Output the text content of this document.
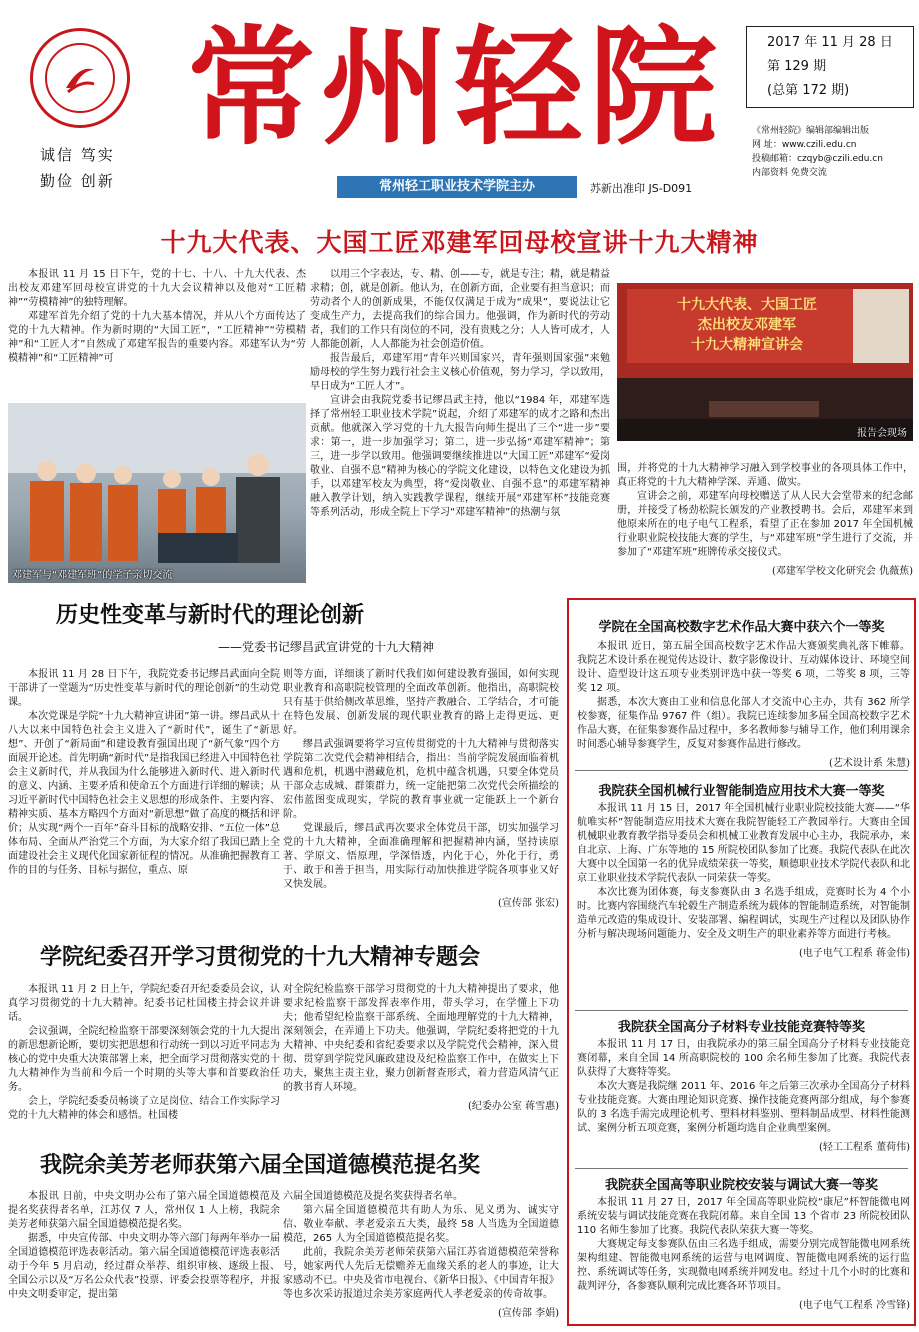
诚信 笃实
勤俭 创新
常州轻院
常州轻工职业技术学院主办	苏新出准印 JS-D091
2017 年 11 月 28 日
第 129 期
(总第 172 期)
《常州轻院》编辑部编辑出版
网 址：www.czili.edu.cn
投稿邮箱：czqyb@czili.edu.cn
内部资料 免费交流
十九大代表、大国工匠邓建军回母校宣讲十九大精神

本报讯 11 月 15 日下午，党的十七、十八、十九大代表、杰出校友邓建军回母校宣讲党的十九大会议精神以及他对“工匠精神”“劳模精神”的独特理解。

邓建军首先介绍了党的十九大基本情况，并从八个方面传达了党的十九大精神。作为新时期的“大国工匠”，“工匠精神”“劳模精神”和“工匠人才”自然成了邓建军报告的重要内容。邓建军认为“劳模精神”和“工匠精神”可

邓建军与“邓建军班”的学子亲切交流

以用三个字表达，专、精、创——专，就是专注；精，就是精益求精；创，就是创新。他认为，在创新方面，企业要有担当意识；而劳动者个人的创新成果，不能仅仅满足于成为“成果”，要说法让它变成生产力，去提高我们的综合国力。他强调，作为新时代的劳动者，我们的工作只有岗位的不同，没有贵贱之分；人人皆可成才，人人都能创新，人人都能为社会创造价值。

报告最后，邓建军用“青年兴则国家兴，青年强则国家强”来勉励母校的学生努力践行社会主义核心价值观，努力学习，学以致用，早日成为“工匠人才”。

宣讲会由我院党委书记缪昌武主持，他以“1984 年，邓建军选择了常州轻工职业技术学院”说起，介绍了邓建军的成才之路和杰出贡献。他就深入学习党的十九大报告向师生提出了三个“进一步”要求：第一，进一步加强学习；第二，进一步弘扬“邓建军精神”；第三，进一步学以致用。他强调要继续推进以“大国工匠”邓建军“爱岗敬业、自强不息”精神为核心的学院文化建设，以特色文化建设为抓手，以邓建军校友为典型，将“爱岗敬业、自强不息”的邓建军精神融入教学计划，纳入实践教学课程，继续开展“邓建军杯”技能竞赛等系列活动，形成全院上下学习“邓建军精神”的热潮与氛

十九大代表、大国工匠
杰出校友邓建军
十九大精神宣讲会
报告会现场

围，并将党的十九大精神学习融入到学校事业的各项具体工作中，真正将党的十九大精神学深、弄通、做实。

宣讲会之前，邓建军向母校赠送了从人民大会堂带来的纪念邮册，并接受了杨劲松院长颁发的产业教授聘书。会后，邓建军来到他原来所在的电子电气工程系，看望了正在参加 2017 年全国机械行业职业院校技能大赛的学生，与“邓建军班”学生进行了交流，并参加了“邓建军班”班牌传承交接仪式。

(邓建军学校文化研究会 仇薇蕉)
历史性变革与新时代的理论创新
——党委书记缪昌武宣讲党的十九大精神

本报讯 11 月 28 日下午，我院党委书记缪昌武面向全院干部讲了一堂题为“历史性变革与新时代的理论创新”的生动党课。

本次党课是学院“十九大精神宣讲团”第一讲。缪昌武从十八大以来中国特色社会主义进入了“新时代”，诞生了“新思想”、开创了“新局面”和建设教育强国出现了“新气象”四个方面展开论述。首先明确“新时代”是指我国已经进入中国特色社会主义新时代，并从我国为什么能够进入新时代、进入新时代的意义、内涵、主要矛盾和使命五个方面进行详细的解读；从习近平新时代中国特色社会主义思想的形成条件、主要内容、精神实质、基本方略四个方面对“新思想”做了高度的概括和评价；从实现“两个一百年”奋斗目标的战略安排、“五位一体”总体布局、全面从严治党三个方面，为大家介绍了我国已踏上全面建设社会主义现代化国家新征程的情况。从准确把握教育工作的目的与任务、目标与据位，重点、原

则等方面，详细谈了新时代我们如何建设教育强国，如何实现职业教育和高职院校管理的全面改革创新。他指出，高职院校只有基于供给侧改革思维，坚持产教融合、工学结合，才可能在特色发展、创新发展的现代职业教育的路上走得更远、更好。

缪昌武强调要将学习宣传贯彻党的十九大精神与贯彻落实学院第二次党代会精神相结合，指出：当前学院发展面临着机遇和危机，机遇中潜藏危机，危机中蕴含机遇，只要全体党员干部众志成城、群策群力，统一定能把第二次党代会所描绘的宏伟蓝图变成现实，学院的教育事业就一定能跃上一个新台阶。

党课最后，缪昌武再次要求全体党员干部，切实加强学习党的十九大精神，全面准确理解和把握精神内涵，坚持读原著、学原文、悟原理，学深悟透，内化于心，外化于行，勇于、敢于和善于担当，用实际行动加快推进学院各项事业又好又快发展。

(宣传部 张宏)
学院纪委召开学习贯彻党的十九大精神专题会

本报讯 11 月 2 日上午，学院纪委召开纪委委员会议，认真学习贯彻党的十九大精神。纪委书记杜国楼主持会议并讲话。

会议强调，全院纪检监察干部要深刻领会党的十九大提出的新思想新论断，要切实把思想和行动统一到以习近平同志为核心的党中央重大决策部署上来，把全面学习贯彻落实党的十九大精神作为当前和今后一个时期的头等大事和首要政治任务。

会上，学院纪委委员畅谈了立足岗位、结合工作实际学习党的十九大精神的体会和感悟。杜国楼

对全院纪检监察干部学习贯彻党的十九大精神提出了要求，他要求纪检监察干部发挥表率作用，带头学习，在学懂上下功夫；他希望纪检监察干部系统、全面地理解党的十九大精神，深刻领会，在弄通上下功夫。他强调，学院纪委将把党的十九大精神、中央纪委和省纪委要求以及学院党代会精神，深入贯彻、贯穿到学院党风廉政建设及纪检监察工作中，在做实上下功夫，聚焦主责主业，聚力创新督查形式，着力营造风清气正的教书育人环境。

(纪委办公室 蒋雪惠)
我院余美芳老师获第六届全国道德模范提名奖

本报讯 日前，中央文明办公布了第六届全国道德模范及提名奖获得者名单，江苏仅 7 人，常州仅 1 人上榜，我院余美芳老师获第六届全国道德模范提名奖。

据悉，中央宣传部、中央文明办等六部门每两年举办一届全国道德模范评选表彰活动。第六届全国道德模范评选表彰活动于今年 5 月启动，经过群众举荐、组织审核、逐级上报、全国公示以及“万名公众代表”投票、评委会投票等程序，并报中央文明委审定，提出第

六届全国道德模范及提名奖获得者名单。

第六届全国道德模范共有助人为乐、见义勇为、诚实守信、敬业奉献、孝老爱亲五大类，最终 58 人当选为全国道德模范，265 人为全国道德模范提名奖。

此前，我院余美芳老师荣获第六届江苏省道德模范荣誉称号，她家两代人先后无偿赡养无血缘关系的老人的事迹，让大家感动不已。中央及省市电视台、《新华日报》、《中国青年报》等也多次采访报道过余美芳家庭两代人孝老爱亲的传奇故事。

(宣传部 李娟)
学院在全国高校数字艺术作品大赛中获六个一等奖

本报讯 近日，第五届全国高校数字艺术作品大赛颁奖典礼落下帷幕。我院艺术设计系在视觉传达设计、数字影像设计、互动媒体设计、环境空间设计、造型设计这五项专业类别评选中获一等奖 6 项，二等奖 8 项，三等奖 12 项。

据悉，本次大赛由工业和信息化部人才交流中心主办，共有 362 所学校参赛，征集作品 9767 件（组）。我院已连续参加多届全国高校数字艺术作品大赛，在征集参赛作品过程中，多名教师参与辅导工作，他们利用课余时间悉心辅导参赛学生，反复对参赛作品进行修改。

(艺术设计系 朱慧)
我院获全国机械行业智能制造应用技术大赛一等奖

本报讯 11 月 15 日，2017 年全国机械行业职业院校技能大赛——“华航唯实杯”智能制造应用技术大赛在我院智能轻工产教园举行。大赛由全国机械职业教育教学指导委员会和机械工业教育发展中心主办，我院承办，来自北京、上海、广东等地的 15 所院校团队参加了比赛。我院代表队在此次大赛中以全国第一名的优异成绩荣获一等奖，顺德职业技术学院代表队和北京工业职业技术学院代表队一同荣获一等奖。

本次比赛为团体赛，每支参赛队由 3 名选手组成，竞赛时长为 4 个小时。比赛内容围绕汽车轮毂生产制造系统为载体的智能制造系统，对智能制造单元改造的集成设计、安装部署、编程调试，实现生产过程以及团队协作分析与解决现场问题能力、安全及文明生产的职业素养等方面进行考核。

(电子电气工程系 蒋金伟)
我院获全国高分子材料专业技能竞赛特等奖

本报讯 11 月 17 日，由我院承办的第三届全国高分子材料专业技能竞赛闭幕，来自全国 14 所高职院校的 100 余名师生参加了比赛。我院代表队获得了大赛特等奖。

本次大赛是我院继 2011 年、2016 年之后第三次承办全国高分子材料专业技能竞赛。大赛由理论知识竞赛、操作技能竞赛两部分组成，每个参赛队的 3 名选手需完成理论机考、塑料材料鉴别、塑料制品成型、材料性能测试、案例分析五项竞赛，案例分析题均选自企业典型案例。

(轻工工程系 董荷伟)
我院获全国高等职业院校安装与调试大赛一等奖

本报讯 11 月 27 日，2017 年全国高等职业院校“康尼”杯智能微电网系统安装与调试技能竞赛在我院闭幕。来自全国 13 个省市 23 所院校团队 110 名师生参加了比赛。我院代表队荣获大赛一等奖。

大赛规定每支参赛队伍由三名选手组成，需要分别完成智能微电网系统架构组建、智能微电网系统的运营与电网调度、智能微电网系统的运行监控、系统调试等任务，实现微电网系统并网发电。经过十几个小时的比赛和裁判评分，各参赛队顺利完成比赛各环节项目。

(电子电气工程系 冷雪锋)
